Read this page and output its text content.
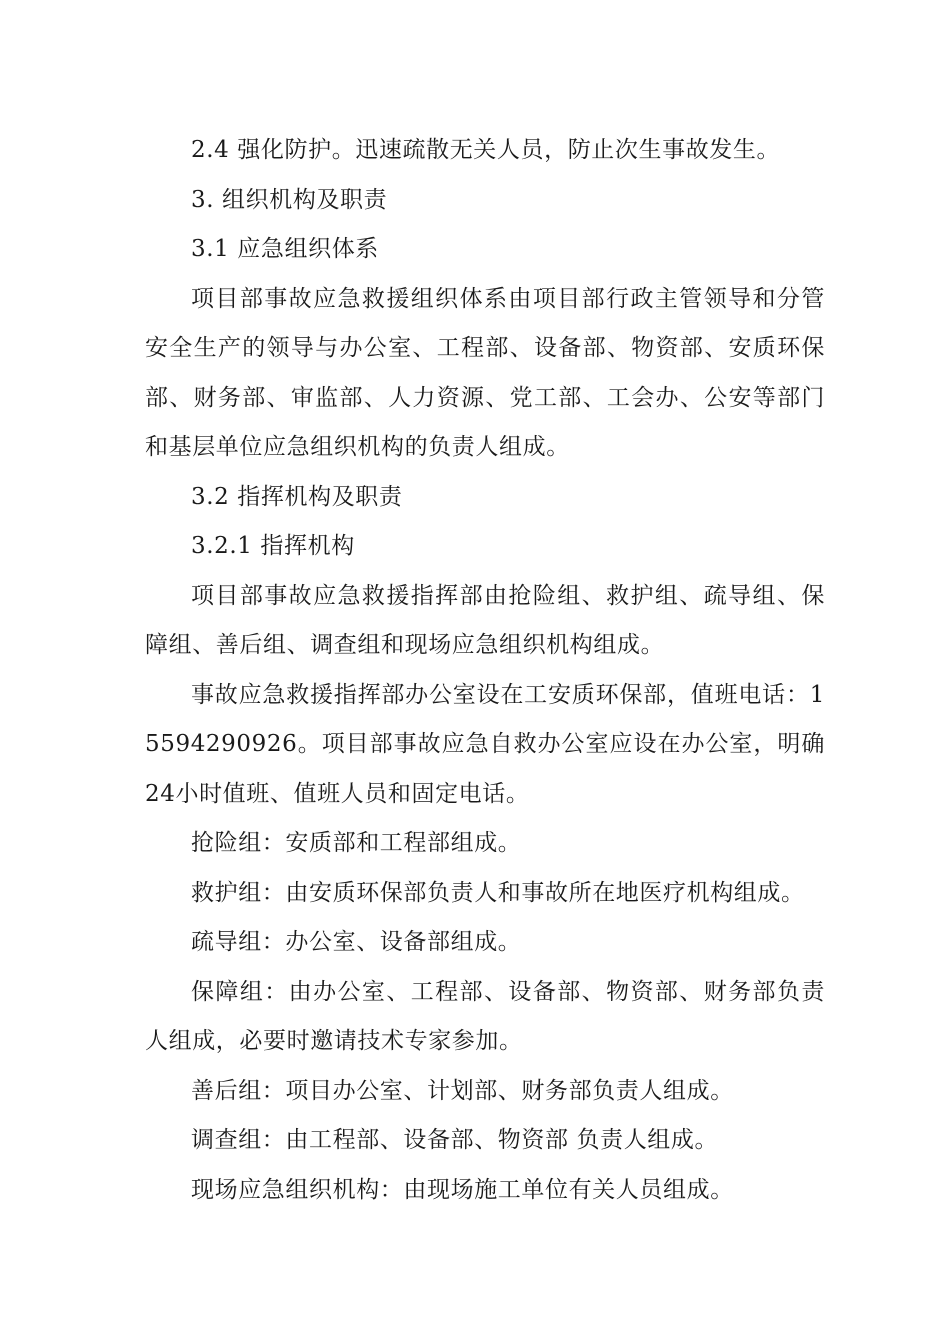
2.4 强化防护。迅速疏散无关人员，防止次生事故发生。

3. 组织机构及职责

3.1 应急组织体系

项目部事故应急救援组织体系由项目部行政主管领导和分管安全生产的领导与办公室、工程部、设备部、物资部、安质环保部、财务部、审监部、人力资源、党工部、工会办、公安等部门和基层单位应急组织机构的负责人组成。

3.2 指挥机构及职责

3.2.1 指挥机构

项目部事故应急救援指挥部由抢险组、救护组、疏导组、保障组、善后组、调查组和现场应急组织机构组成。

事故应急救援指挥部办公室设在工安质环保部，值班电话：15594290926。项目部事故应急自救办公室应设在办公室，明确24小时值班、值班人员和固定电话。

抢险组：安质部和工程部组成。

救护组：由安质环保部负责人和事故所在地医疗机构组成。

疏导组：办公室、设备部组成。

保障组：由办公室、工程部、设备部、物资部、财务部负责人组成，必要时邀请技术专家参加。

善后组：项目办公室、计划部、财务部负责人组成。

调查组：由工程部、设备部、物资部 负责人组成。

现场应急组织机构：由现场施工单位有关人员组成。
